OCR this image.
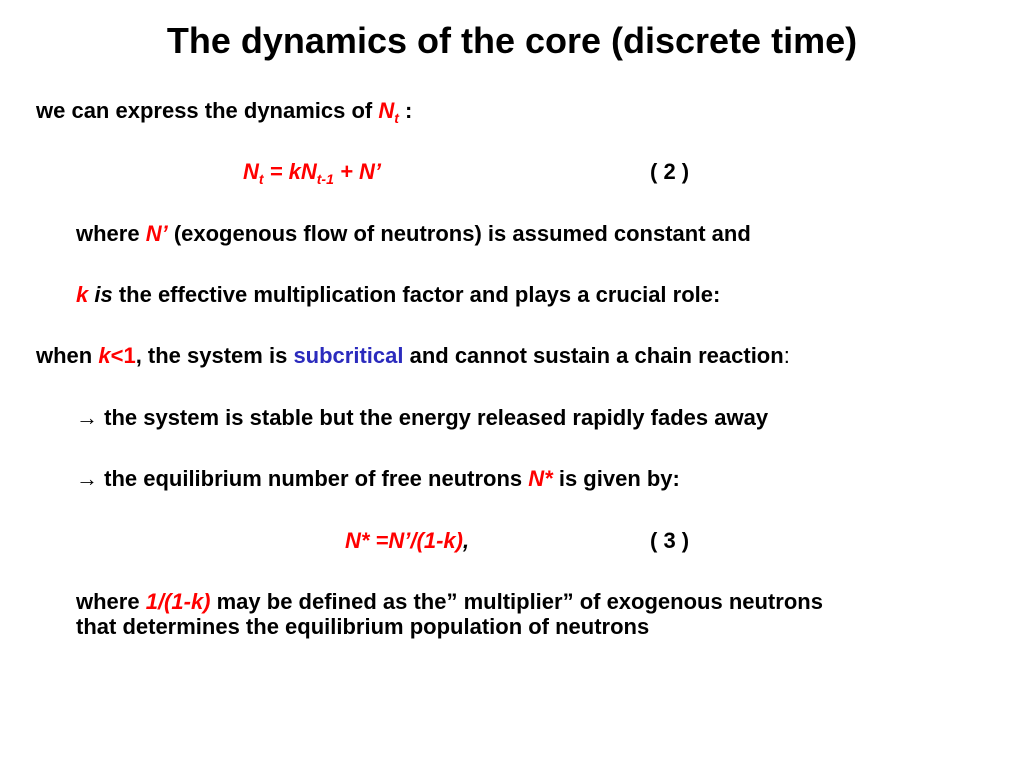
The dynamics of the core (discrete time)
we can express the dynamics of $N_t$ :
$N_t = kN_{t-1} + N$’	( 2 )
where N’ (exogenous flow of neutrons) is assumed constant and
k is the effective multiplication factor and plays a crucial role:
when k<1, the system is subcritical and cannot sustain a chain reaction:
→ the system is stable but the energy released rapidly fades away
→ the equilibrium number of free neutrons N* is given by:
N* =N’/(1-k),	( 3 )
where 1/(1-k) may be defined as the” multiplier” of exogenous neutrons
that determines the equilibrium population of neutrons
